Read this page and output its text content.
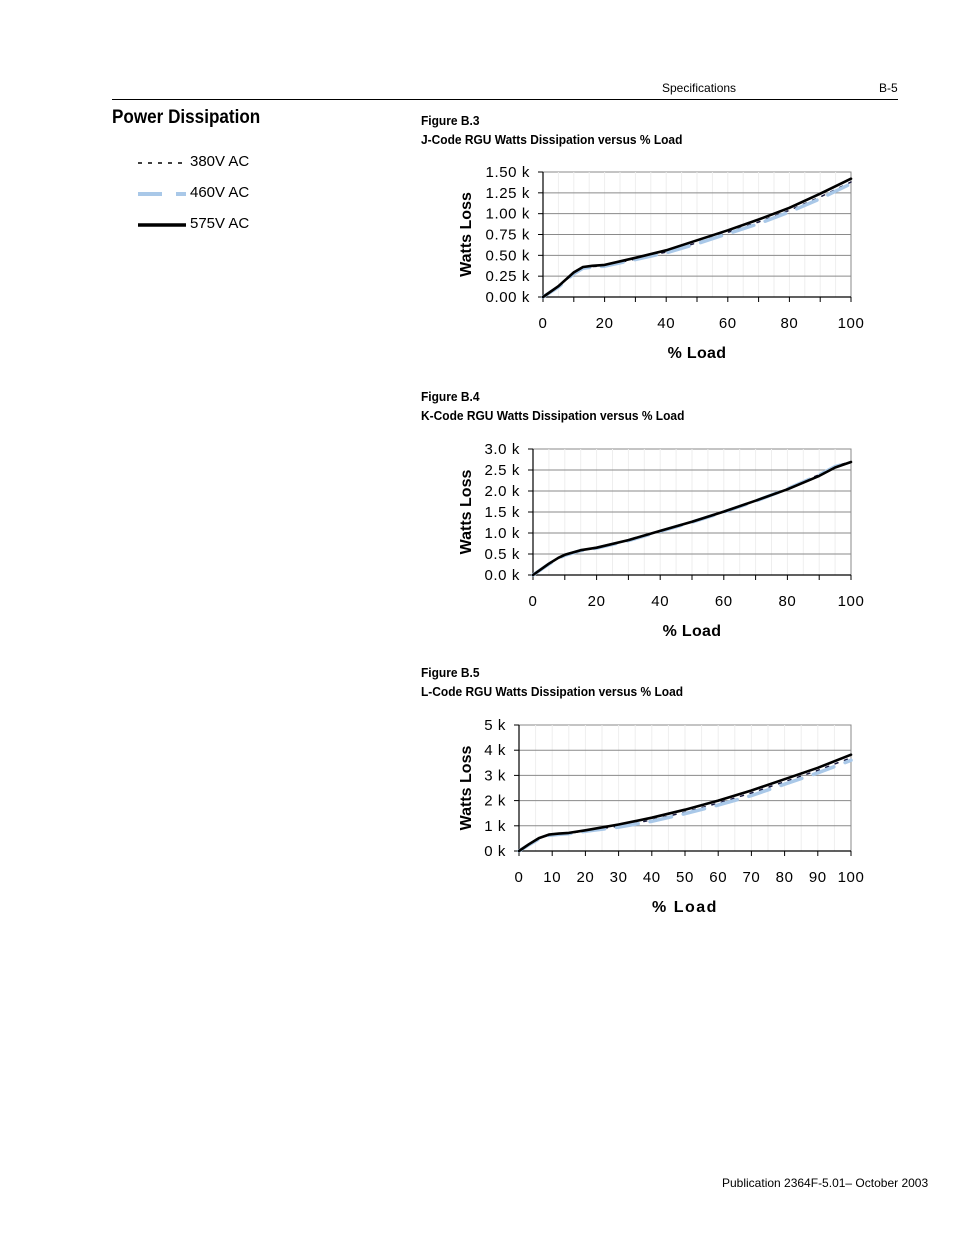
Specifications	B-5
Power Dissipation
380V AC
460V AC
575V AC
Figure B.3
J-Code RGU Watts Dissipation versus % Load
0.00 k
0.25 k
0.50 k
0.75 k
1.00 k
1.25 k
1.50 k
0	20	40	60	80	100
% Load
Watts Loss
Figure B.4
K-Code RGU Watts Dissipation versus % Load
0.0 k
0.5 k
1.0 k
1.5 k
2.0 k
2.5 k
3.0 k
0	20	40	60	80	100
% Load
Watts Loss
Figure B.5
L-Code RGU Watts Dissipation versus % Load
0 k
1 k
2 k
3 k
4 k
5 k
0 10 20 30 40 50 60 70 80 90 100
% Load
Watts Loss
Publication 2364F-5.01– October 2003
